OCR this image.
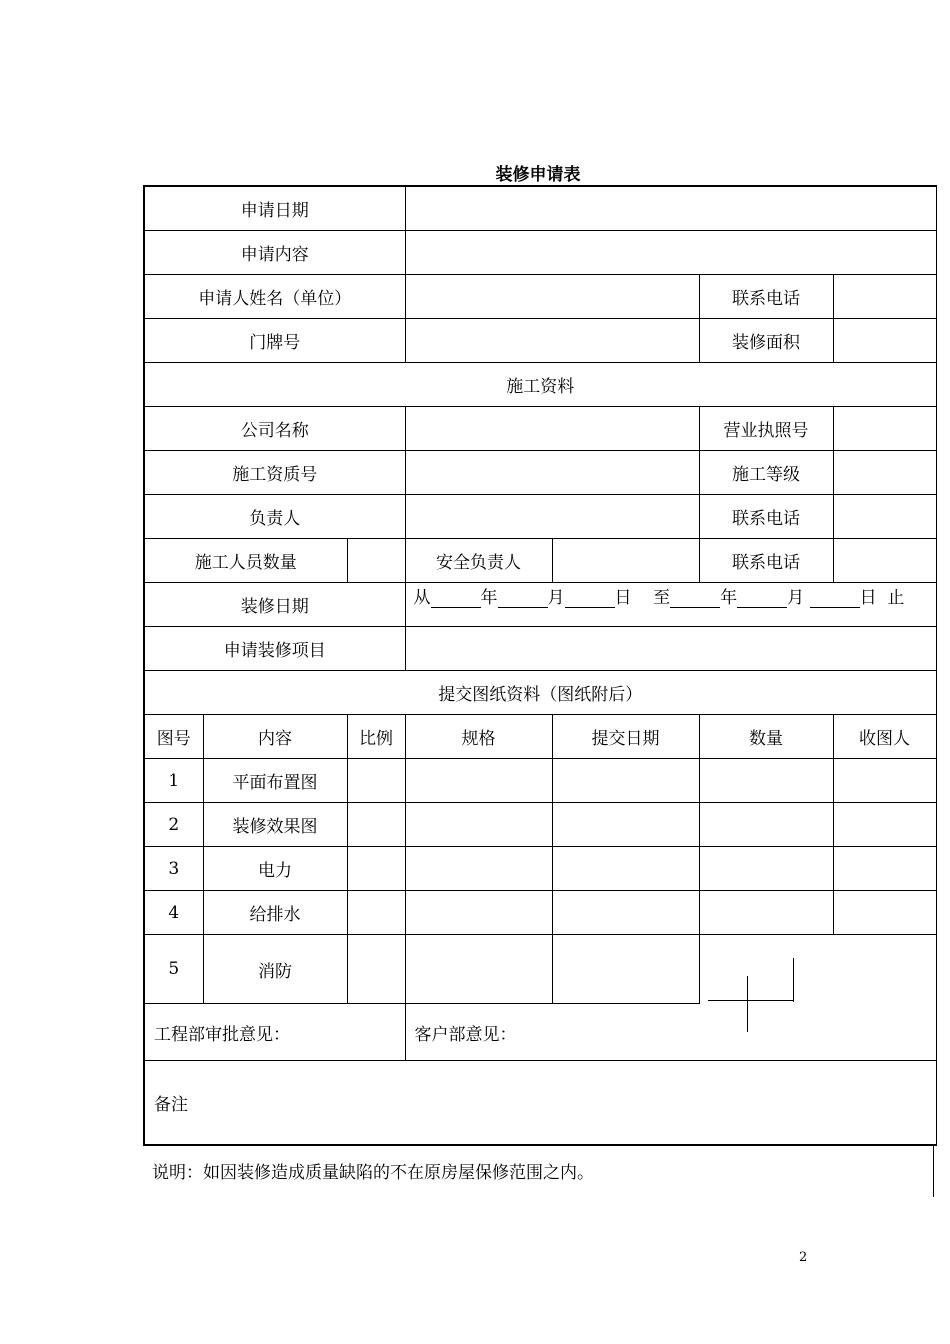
装修申请表
申请日期						
申请内容						
申请人姓名（单位）					联系电话	
门牌号					装修面积	
施工资料						
公司名称					营业执照号	
施工资质号					施工等级	
负责人					联系电话	
施工人员数量			安全负责人		联系电话	
装修日期			从 年 月 日 至 年 月 日 止			

申请装修项目						
提交图纸资料（图纸附后）						
图号	内容	比例	规格	提交日期	数量	收图人
1	平面布置图					
2	装修效果图					
3	电力					
4	给排水					
5	消防					
工程部审批意见：			客户部意见：			

备注						
说明：如因装修造成质量缺陷的不在原房屋保修范围之内。
2
